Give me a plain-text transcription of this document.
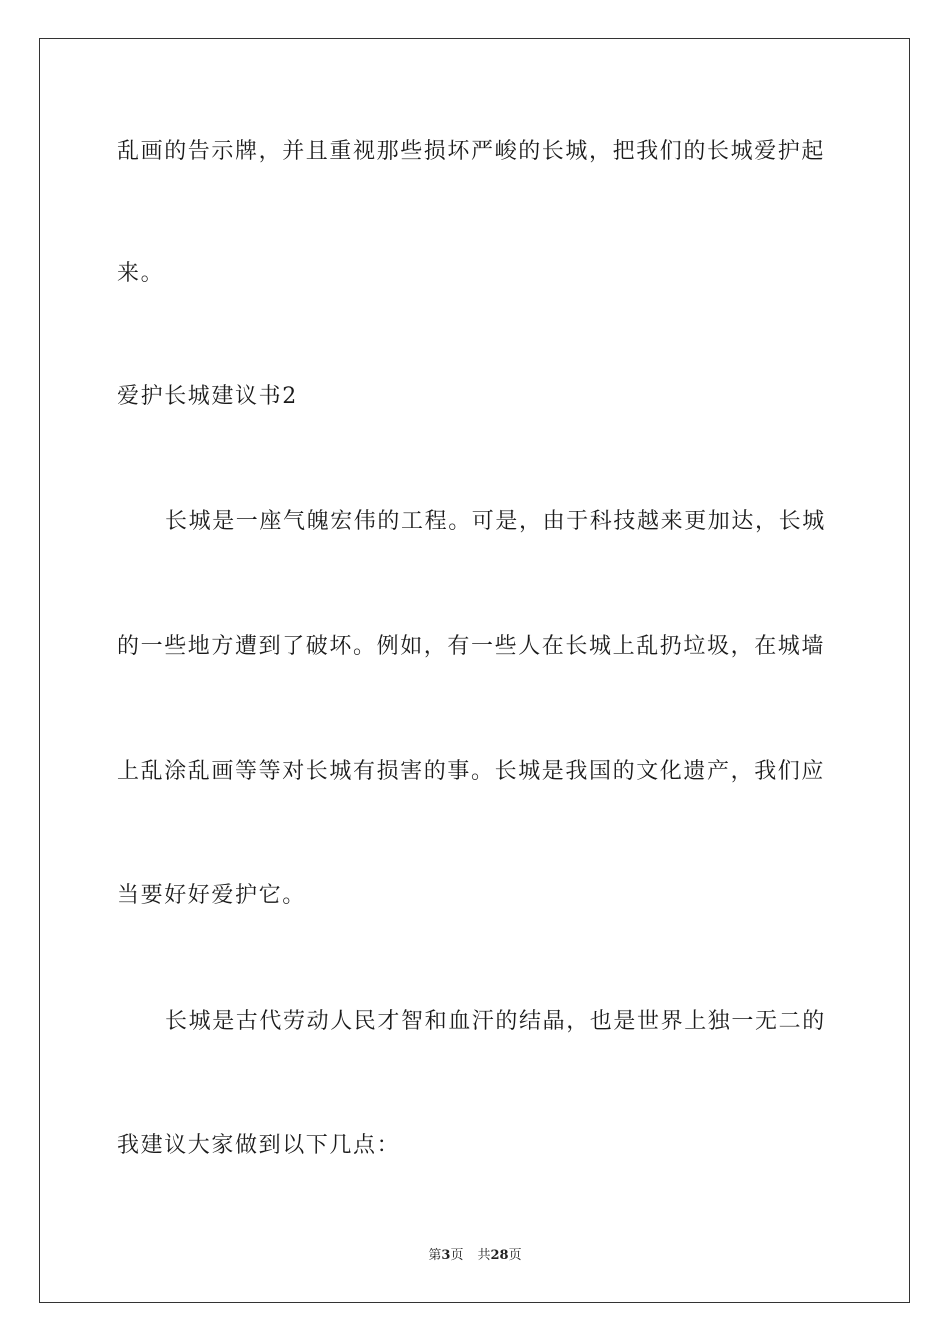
乱画的告示牌，并且重视那些损坏严峻的长城，把我们的长城爱护起
来。
爱护长城建议书2
长城是一座气魄宏伟的工程。可是，由于科技越来更加达，长城
的一些地方遭到了破坏。例如，有一些人在长城上乱扔垃圾，在城墙
上乱涂乱画等等对长城有损害的事。长城是我国的文化遗产，我们应
当要好好爱护它。
长城是古代劳动人民才智和血汗的结晶，也是世界上独一无二的
我建议大家做到以下几点：
第3页 共28页
